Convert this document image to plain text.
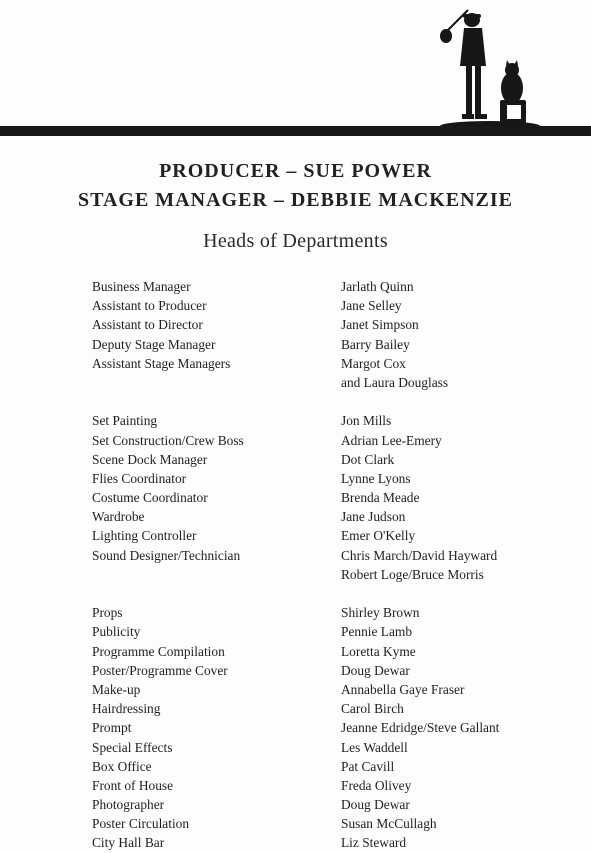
PRODUCER – SUE POWER
STAGE MANAGER – DEBBIE MACKENZIE
Heads of Departments
Business Manager
Assistant to Producer
Assistant to Director
Deputy Stage Manager
Assistant Stage Managers
Set Painting
Set Construction/Crew Boss
Scene Dock Manager
Flies Coordinator
Costume Coordinator
Wardrobe
Lighting Controller
Sound Designer/Technician
Props
Publicity
Programme Compilation
Poster/Programme Cover
Make-up
Hairdressing
Prompt
Special Effects
Box Office
Front of House
Photographer
Poster Circulation
City Hall Bar
Jarlath Quinn
Jane Selley
Janet Simpson
Barry Bailey
Margot Cox
and Laura Douglass
Jon Mills
Adrian Lee-Emery
Dot Clark
Lynne Lyons
Brenda Meade
Jane Judson
Emer O'Kelly
Chris March/David Hayward
Robert Loge/Bruce Morris
Shirley Brown
Pennie Lamb
Loretta Kyme
Doug Dewar
Annabella Gaye Fraser
Carol Birch
Jeanne Edridge/Steve Gallant
Les Waddell
Pat Cavill
Freda Olivey
Doug Dewar
Susan McCullagh
Liz Steward
